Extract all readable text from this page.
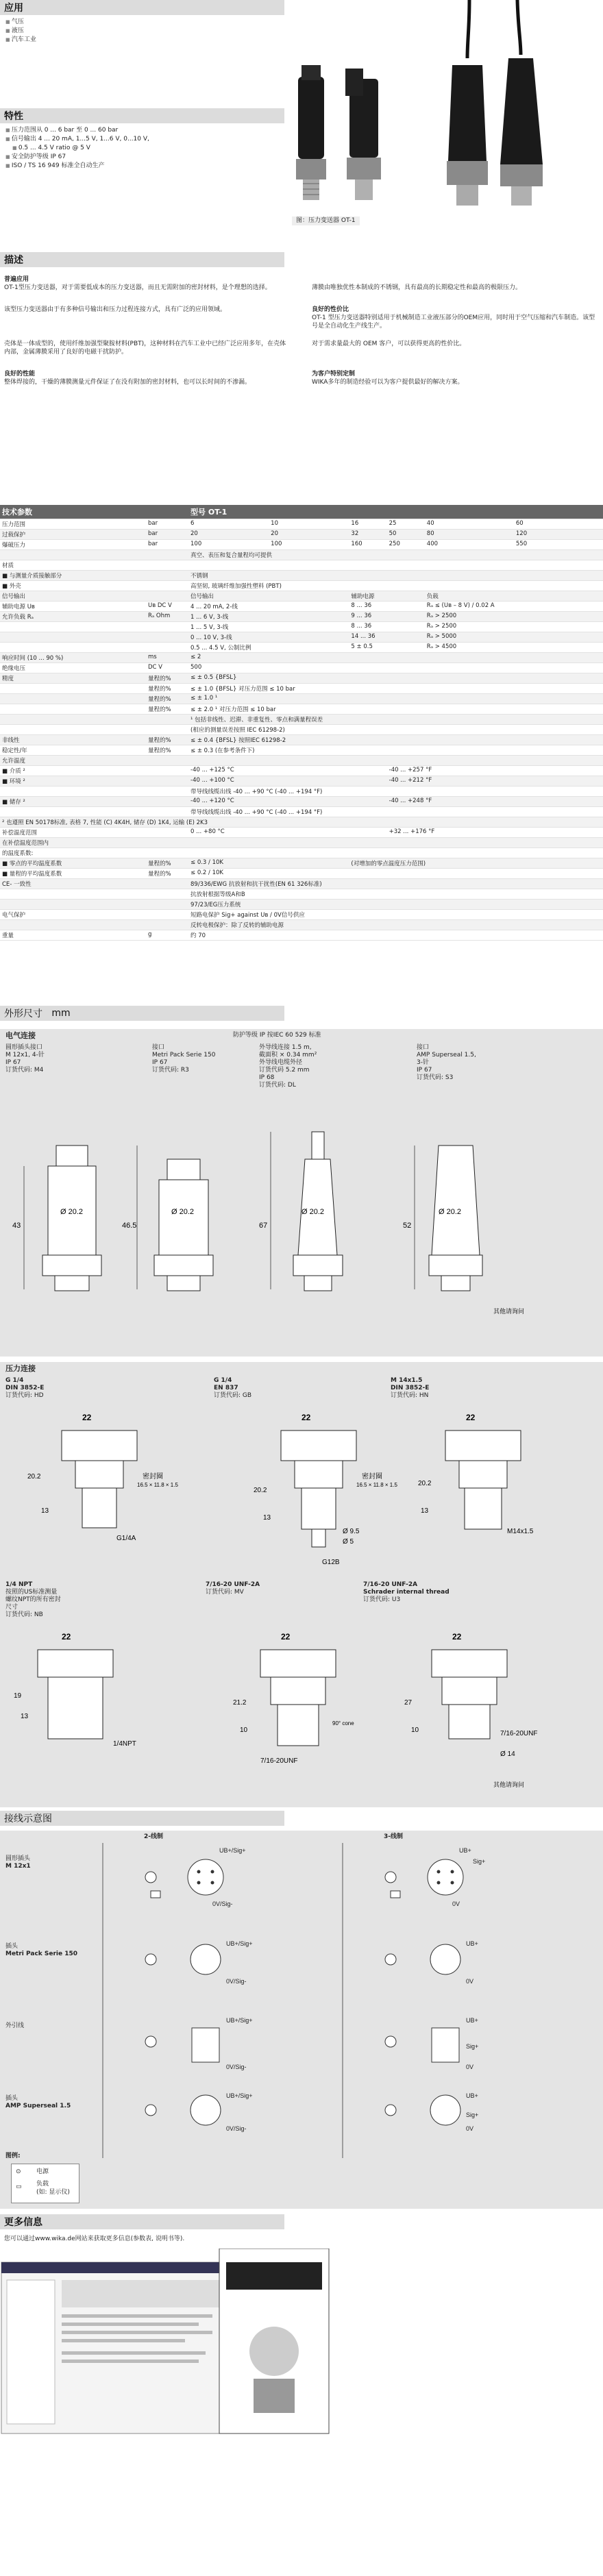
应用
■ 气压
■ 液压
■ 汽车工业
图：压力变送器 OT-1
特性
■ 压力范围从 0 ... 6 bar 至 0 ... 60 bar
■ 信号输出 4 ... 20 mA, 1...5 V, 1...6 V, 0...10 V,
■ 0.5 ... 4.5 V ratio @ 5 V
■ 安全防护等级 IP 67
■ ISO / TS 16 949 标准全自动生产
描述
普遍应用
OT-1型压力变送器，对于需要低成本的压力变送器，而且无需附加的密封材料，是个理想的选择。	薄膜由唯独优性本制成的不锈钢，具有最高的长期稳定性和最高的极限压力。
该型压力变送器由于有多种信号输出和压力过程连接方式，具有广泛的应用领域。	良好的性价比
OT-1 型压力变送器特别适用于机械制造工业液压部分的OEM应用，同时用于空气压缩和汽车制造。该型号是全自动化生产线生产。
壳体是一体成型的，使用纤维加强型聚胺材料(PBT)，这种材料在汽车工业中已经广泛应用多年，在壳体内部，金属薄膜采用了良好的电磁干扰防护。
对于需求量最大的 OEM 客户，可以获得更高的性价比。
良好的性能
整体焊接的，干燥的薄膜测量元件保证了在没有附加的密封材料，也可以长时间的不渗漏。
为客户特别定制
WIKA多年的制造经验可以为客户提供最好的解决方案。
技术参数		型号 OT-1					
压力范围	bar	6	10	16	25	40	60
过载保护	bar	20	20	32	50	80	120
爆破压力	bar	100	100	160	250	400	550
		真空、表压和复合量程均可提供					
材质							
■ 与测量介质接触部分		不锈钢					
■ 外壳		高坚韧, 玻璃纤维加强性塑料 (PBT)					
信号输出		信号输出		辅助电源		负载	
辅助电源 Uʙ	Uʙ DC V	4 ... 20 mA, 2-线		8 ... 36		Rₐ ≤ (Uʙ – 8 V) / 0.02 A	
允许负载 Rₐ	Rₐ Ohm	1 ... 6 V, 3-线		9 ... 36		Rₐ > 2500	
		1 ... 5 V, 3-线		8 ... 36		Rₐ > 2500	
		0 ... 10 V, 3-线		14 ... 36		Rₐ > 5000	
		0.5 ... 4.5 V, 公制比例		5 ± 0.5		Rₐ > 4500	
响应时间 (10 ... 90 %)	ms	≤ 2					
绝缘电压	DC V	500					
精度	量程的%	≤ ± 0.5 {BFSL}					
	量程的%	≤ ± 1.0 {BFSL} 对压力范围 ≤ 10 bar					
	量程的%	≤ ± 1.0 ¹					
	量程的%	≤ ± 2.0 ¹ 对压力范围 ≤ 10 bar					
		¹ 包括非线性、迟滞、非重复性、零点和满量程误差					
		(相应的测量误差按照 IEC 61298-2)					
非线性	量程的%	≤ ± 0.4 {BFSL} 按照IEC 61298-2					
稳定性/年	量程的%	≤ ± 0.3 (在参考条件下)					
允许温度							
■ 介质 ²		-40 ... +125 °C			-40 ... +257 °F		
■ 环境 ²		-40 ... +100 °C			-40 ... +212 °F		
		带导线线缆出线 -40 ... +90 °C (-40 ... +194 °F)					
■ 储存 ²		-40 ... +120 °C			-40 ... +248 °F		
		带导线线缆出线 -40 ... +90 °C (-40 ... +194 °F)					
² 也遵照 EN 50178标准, 表格 7, 性能 (C) 4K4H, 储存 (D) 1K4, 运输 (E) 2K3							
补偿温度范围		0 ... +80 °C			+32 ... +176 °F		
在补偿温度范围内							
的温度系数:							
■ 零点的平均温度系数	量程的%	≤ 0.3 / 10K		(对增加的零点温度压力范围)			
■ 量程的平均温度系数	量程的%	≤ 0.2 / 10K					
CE- 一致性		89/336/EWG 抗放射和抗干扰性(EN 61 326标准)					
		抗放射根据等级A和B					
		97/23/EG压力系统					
电气保护		短路电保护 Sig+ against Uʙ / 0V信号供应					
		反转电极保护：除了反转的辅助电源					
重量	g	约 70					
外形尺寸
mm
电气连接	防护等级 IP 按IEC 60 529 标准
圆形插头接口
M 12x1, 4-针
IP 67
订货代码: M4
接口
Metri Pack Serie 150
IP 67
订货代码: R3
外导线连接 1.5 m,
截面积 × 0.34 mm²
外导线电缆外径
订货代码 5.2 mm
IP 68
订货代码: DL
接口
AMP Superseal 1.5,
3-针
IP 67
订货代码: S3
Ø 20.2	Ø 20.2	Ø 20.2	Ø 20.2
43	46.5	67	52
其他请询问
压力连接
G 1/4
DIN 3852-E
订货代码: HD
G 1/4
EN 837
订货代码: GB
M 14x1.5
DIN 3852-E
订货代码: HN
22	22	22
20.2
13
G1/4A
密封圈
16.5 × 11.8 × 1.5
20.2
13
Ø 9.5
Ø 5
G12B
密封圈
16.5 × 11.8 × 1.5	20.2
13
M14x1.5
1/4 NPT
按照的US标准测量
螺纹NPT的所有密封
尺寸
订货代码: NB
7/16-20 UNF-2A
订货代码: MV
7/16-20 UNF-2A
Schrader internal thread
订货代码: U3
22	22	22
19
13
1/4NPT
21.2
10
7/16-20UNF
90° cone
27
10	7/16-20UNF
Ø 14
其他请询问
接线示意图
2-线制	3-线制
圆形插头
M 12x1
插头
Metri Pack Serie 150
外引线
插头
AMP Superseal 1.5
UB+/Sig+
0V/Sig-
UB+
Sig+
0V
UB+/Sig+
0V/Sig-
UB+
0V
UB+/Sig+
0V/Sig-
UB+
Sig+
0V
UB+/Sig+
0V/Sig-
UB+
Sig+
0V
图例:
⊙ 电源
▭ 负载
(如: 显示仪)
更多信息
您可以通过www.wika.de网站来获取更多信息(参数表, 说明书等).
